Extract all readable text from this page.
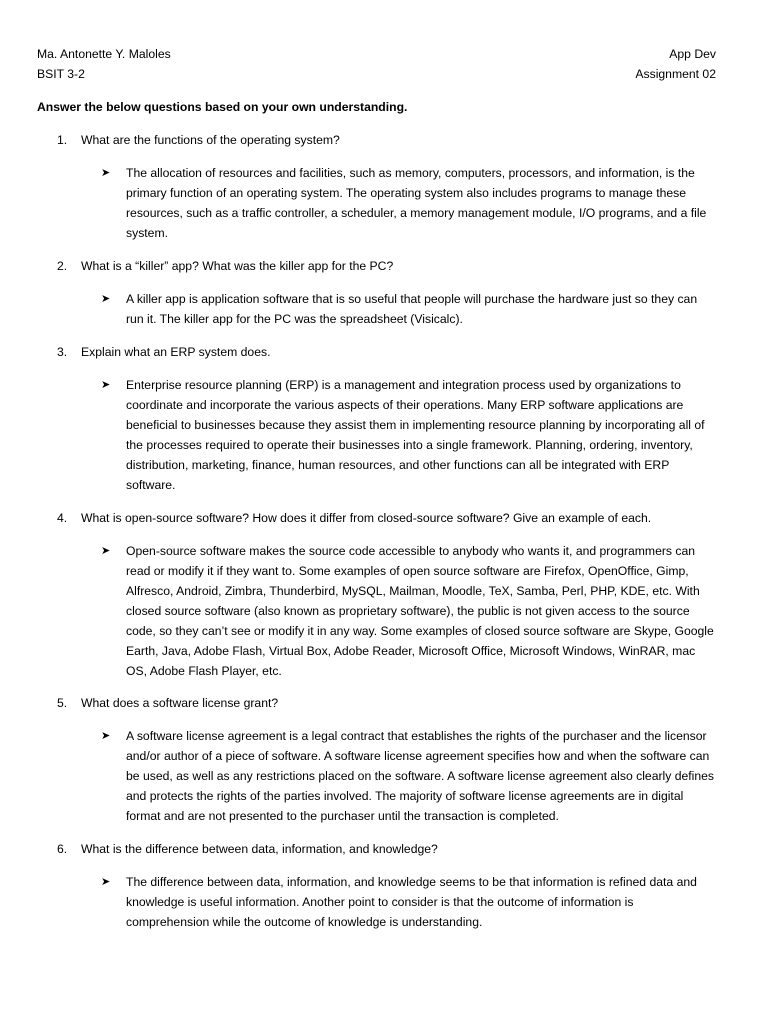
Ma. Antonette Y. Maloles	App Dev
BSIT 3-2	Assignment 02
Answer the below questions based on your own understanding.
1. What are the functions of the operating system?
➤	The allocation of resources and facilities, such as memory, computers, processors, and information, is the primary function of an operating system. The operating system also includes programs to manage these resources, such as a traffic controller, a scheduler, a memory management module, I/O programs, and a file system.
2. What is a “killer” app? What was the killer app for the PC?
➤	A killer app is application software that is so useful that people will purchase the hardware just so they can run it. The killer app for the PC was the spreadsheet (Visicalc).
3. Explain what an ERP system does.
➤	Enterprise resource planning (ERP) is a management and integration process used by organizations to coordinate and incorporate the various aspects of their operations. Many ERP software applications are beneficial to businesses because they assist them in implementing resource planning by incorporating all of the processes required to operate their businesses into a single framework. Planning, ordering, inventory, distribution, marketing, finance, human resources, and other functions can all be integrated with ERP software.
4. What is open-source software? How does it differ from closed-source software? Give an example of each.
➤	Open-source software makes the source code accessible to anybody who wants it, and programmers can read or modify it if they want to. Some examples of open source software are Firefox, OpenOffice, Gimp, Alfresco, Android, Zimbra, Thunderbird, MySQL, Mailman, Moodle, TeX, Samba, Perl, PHP, KDE, etc. With closed source software (also known as proprietary software), the public is not given access to the source code, so they can’t see or modify it in any way. Some examples of closed source software are Skype, Google Earth, Java, Adobe Flash, Virtual Box, Adobe Reader, Microsoft Office, Microsoft Windows, WinRAR, mac OS, Adobe Flash Player, etc.
5. What does a software license grant?
➤	A software license agreement is a legal contract that establishes the rights of the purchaser and the licensor and/or author of a piece of software. A software license agreement specifies how and when the software can be used, as well as any restrictions placed on the software. A software license agreement also clearly defines and protects the rights of the parties involved. The majority of software license agreements are in digital format and are not presented to the purchaser until the transaction is completed.
6. What is the difference between data, information, and knowledge?
➤	The difference between data, information, and knowledge seems to be that information is refined data and knowledge is useful information. Another point to consider is that the outcome of information is comprehension while the outcome of knowledge is understanding.
